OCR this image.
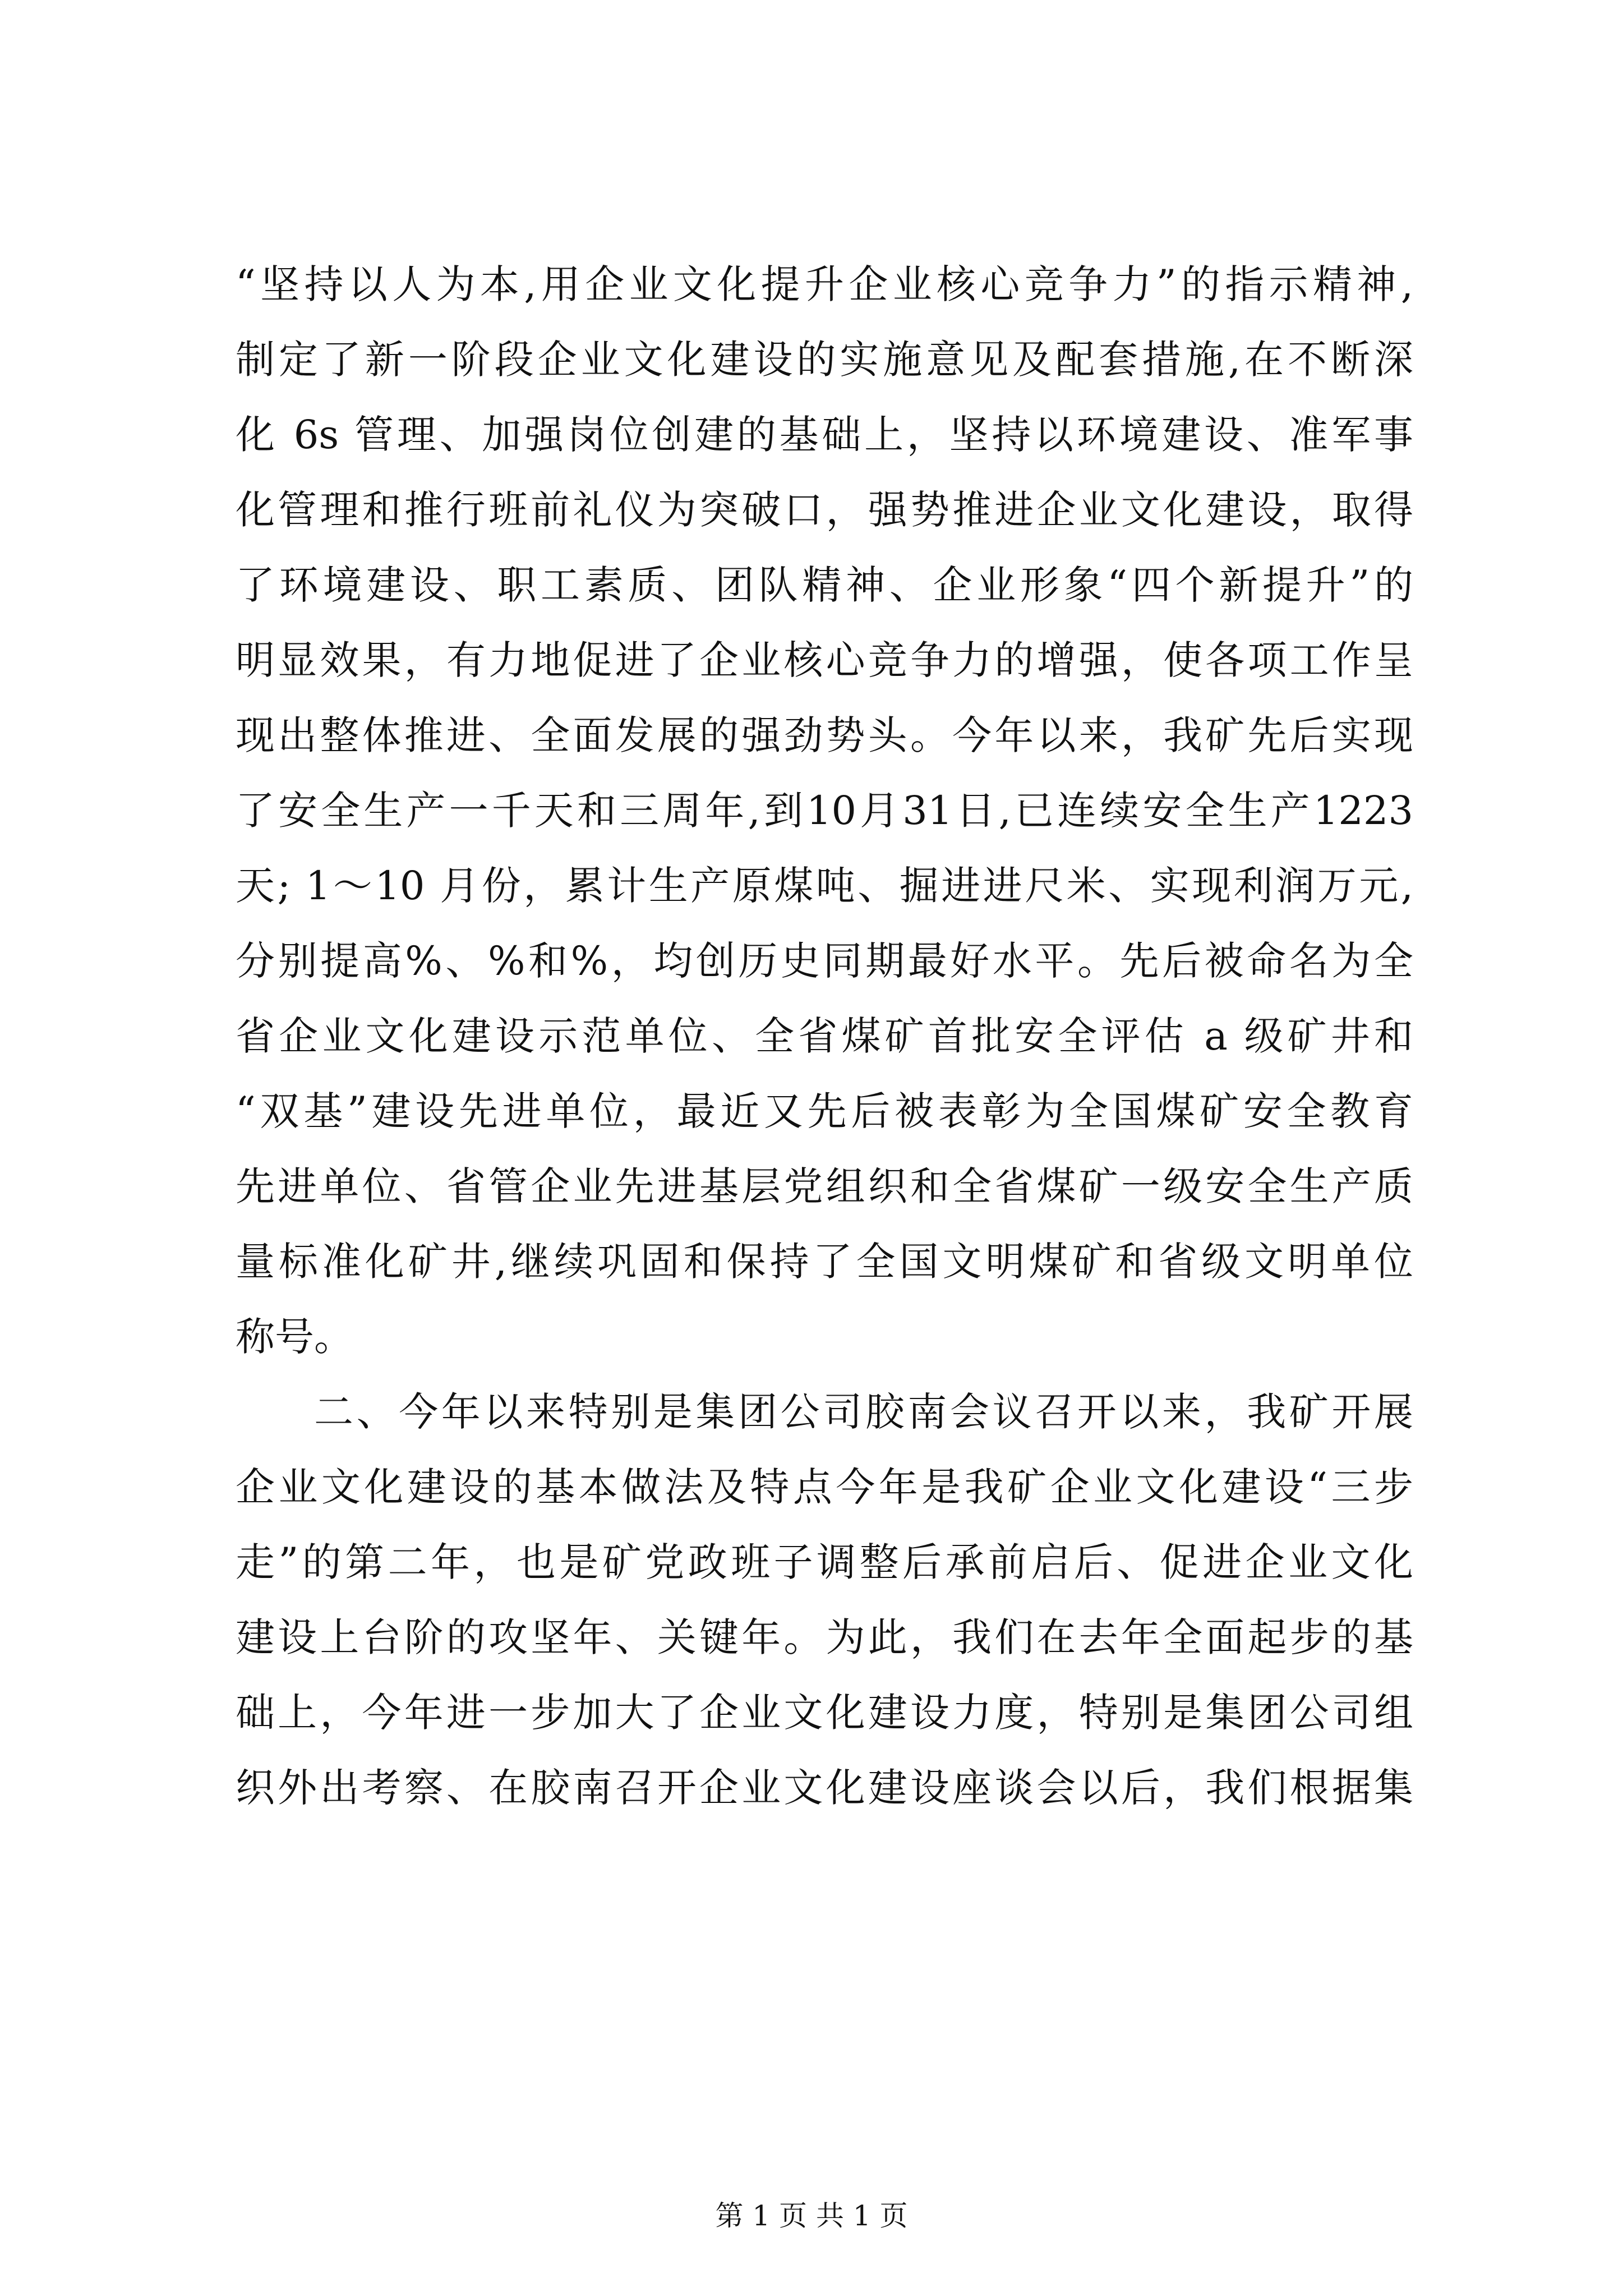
“坚持以人为本,用企业文化提升企业核心竞争力”的指示精神,
制定了新一阶段企业文化建设的实施意见及配套措施,在不断深
化 6s 管理、加强岗位创建的基础上，坚持以环境建设、准军事
化管理和推行班前礼仪为突破口，强势推进企业文化建设，取得
了环境建设、职工素质、团队精神、企业形象“四个新提升”的
明显效果，有力地促进了企业核心竞争力的增强，使各项工作呈
现出整体推进、全面发展的强劲势头。今年以来，我矿先后实现
了安全生产一千天和三周年,到10月31日,已连续安全生产1223
天; 1～10 月份，累计生产原煤吨、掘进进尺米、实现利润万元,
分别提高%、%和%，均创历史同期最好水平。先后被命名为全
省企业文化建设示范单位、全省煤矿首批安全评估 a 级矿井和
“双基”建设先进单位，最近又先后被表彰为全国煤矿安全教育
先进单位、省管企业先进基层党组织和全省煤矿一级安全生产质
量标准化矿井,继续巩固和保持了全国文明煤矿和省级文明单位
称号。
二、今年以来特别是集团公司胶南会议召开以来，我矿开展
企业文化建设的基本做法及特点今年是我矿企业文化建设“三步
走”的第二年，也是矿党政班子调整后承前启后、促进企业文化
建设上台阶的攻坚年、关键年。为此，我们在去年全面起步的基
础上，今年进一步加大了企业文化建设力度，特别是集团公司组
织外出考察、在胶南召开企业文化建设座谈会以后，我们根据集
第 1 页 共 1 页
